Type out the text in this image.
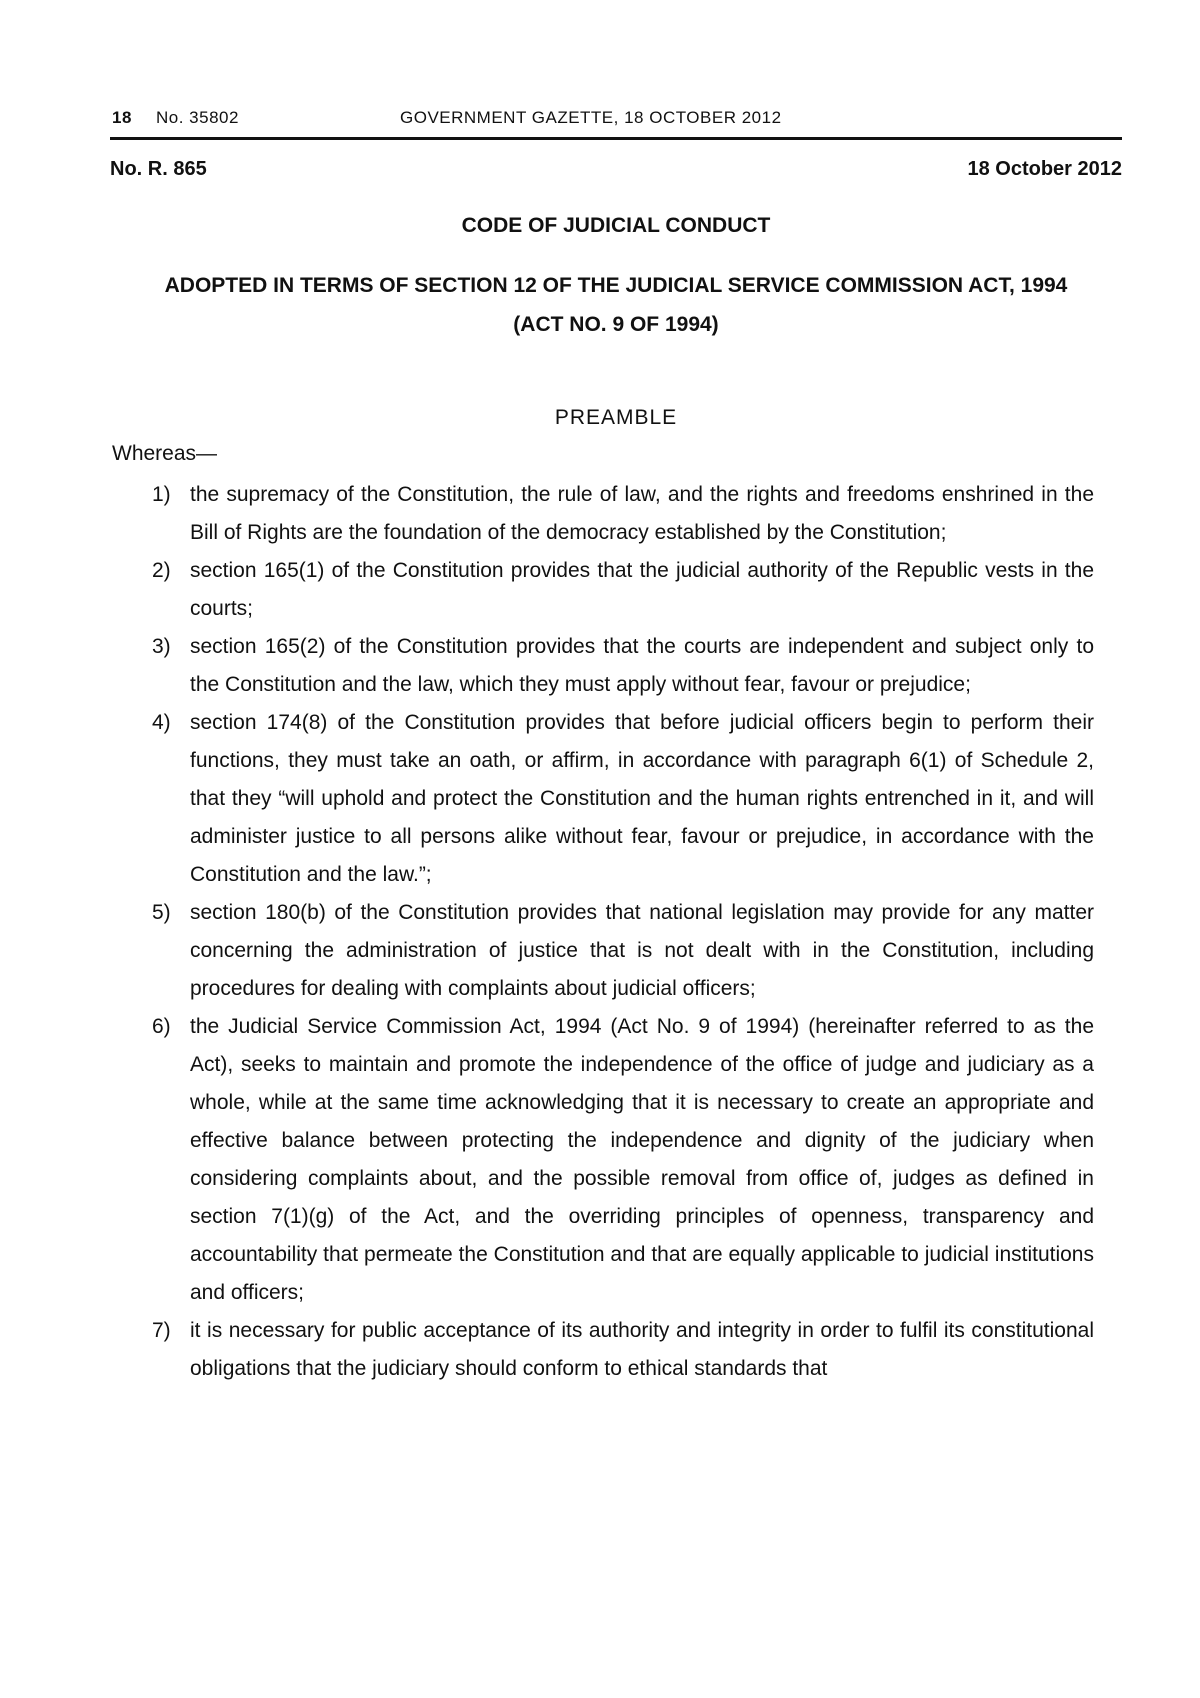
18 No. 35802	GOVERNMENT GAZETTE, 18 OCTOBER 2012
No. R. 865	18 October 2012
CODE OF JUDICIAL CONDUCT
ADOPTED IN TERMS OF SECTION 12 OF THE JUDICIAL SERVICE COMMISSION ACT, 1994
(ACT NO. 9 OF 1994)
PREAMBLE
Whereas—
1) the supremacy of the Constitution, the rule of law, and the rights and freedoms enshrined in the Bill of Rights are the foundation of the democracy established by the Constitution;
2) section 165(1) of the Constitution provides that the judicial authority of the Republic vests in the courts;
3) section 165(2) of the Constitution provides that the courts are independent and subject only to the Constitution and the law, which they must apply without fear, favour or prejudice;
4) section 174(8) of the Constitution provides that before judicial officers begin to perform their functions, they must take an oath, or affirm, in accordance with paragraph 6(1) of Schedule 2, that they “will uphold and protect the Constitution and the human rights entrenched in it, and will administer justice to all persons alike without fear, favour or prejudice, in accordance with the Constitution and the law.”;
5) section 180(b) of the Constitution provides that national legislation may provide for any matter concerning the administration of justice that is not dealt with in the Constitution, including procedures for dealing with complaints about judicial officers;
6) the Judicial Service Commission Act, 1994 (Act No. 9 of 1994) (hereinafter referred to as the Act), seeks to maintain and promote the independence of the office of judge and judiciary as a whole, while at the same time acknowledging that it is necessary to create an appropriate and effective balance between protecting the independence and dignity of the judiciary when considering complaints about, and the possible removal from office of, judges as defined in section 7(1)(g) of the Act, and the overriding principles of openness, transparency and accountability that permeate the Constitution and that are equally applicable to judicial institutions and officers;
7) it is necessary for public acceptance of its authority and integrity in order to fulfil its constitutional obligations that the judiciary should conform to ethical standards that
